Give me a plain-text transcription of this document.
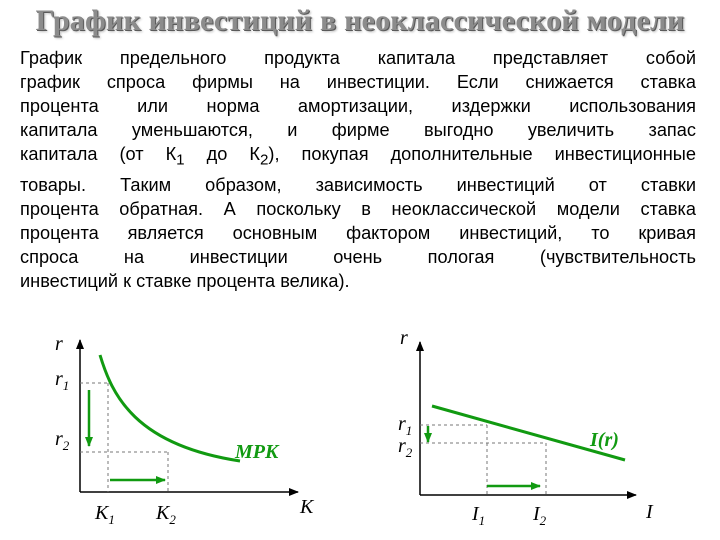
График инвестиций в неоклассической модели
График предельного продукта капитала представляет собой
график спроса фирмы на инвестиции. Если снижается ставка
процента или норма амортизации, издержки использования
капитала уменьшаются, и фирме выгодно увеличить запас
капитала (от $К_1$ до $К_2$), покупая дополнительные инвестиционные
товары. Таким образом, зависимость инвестиций от ставки
процента обратная. А поскольку в неоклассической модели ставка
процента является основным фактором инвестиций, то кривая
спроса на инвестиции очень пологая (чувствительность
инвестиций к ставке процента велика).
r
$r_1$
$r_2$
$K_1$ $K_2$
K
MPK
r
$r_1$
$r_2$
$I_1$ $I_2$	I
I(r)
